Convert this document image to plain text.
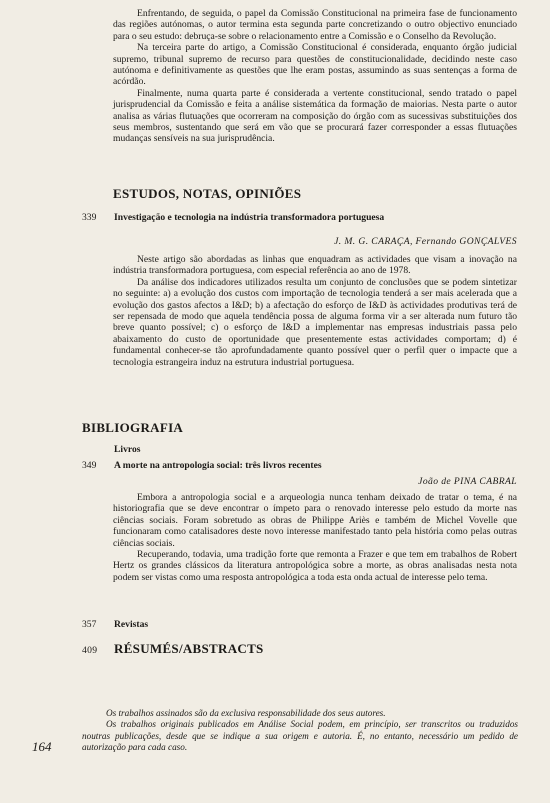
Enfrentando, de seguida, o papel da Comissão Constitucional na primeira fase de funcionamento das regiões autónomas, o autor termina esta segunda parte concretizando o outro objectivo enunciado para o seu estudo: debruça-se sobre o relacionamento entre a Comissão e o Conselho da Revolução.

Na terceira parte do artigo, a Comissão Constitucional é considerada, enquanto órgão judicial supremo, tribunal supremo de recurso para questões de constitucionalidade, decidindo neste caso autónoma e definitivamente as questões que lhe eram postas, assumindo as suas sentenças a forma de acórdão.

Finalmente, numa quarta parte é considerada a vertente constitucional, sendo tratado o papel jurisprudencial da Comissão e feita a análise sistemática da formação de maiorias. Nesta parte o autor analisa as várias flutuações que ocorreram na composição do órgão com as sucessivas substituições dos seus membros, sustentando que será em vão que se procurará fazer corresponder a essas flutuações mudanças sensíveis na sua jurisprudência.

ESTUDOS, NOTAS, OPINIÕES
339 Investigação e tecnologia na indústria transformadora portuguesa
J. M. G. CARAÇA, Fernando GONÇALVES

Neste artigo são abordadas as linhas que enquadram as actividades que visam a inovação na indústria transformadora portuguesa, com especial referência ao ano de 1978.

Da análise dos indicadores utilizados resulta um conjunto de conclusões que se podem sintetizar no seguinte: a) a evolução dos custos com importação de tecnologia tenderá a ser mais acelerada que a evolução dos gastos afectos a I&D; b) a afectação do esforço de I&D às actividades produtivas terá de ser repensada de modo que aquela tendência possa de alguma forma vir a ser alterada num futuro tão breve quanto possível; c) o esforço de I&D a implementar nas empresas industriais passa pelo abaixamento do custo de oportunidade que presentemente estas actividades comportam; d) é fundamental conhecer-se tão aprofundadamente quanto possível quer o perfil quer o impacte que a tecnologia estrangeira induz na estrutura industrial portuguesa.

BIBLIOGRAFIA
Livros
349 A morte na antropologia social: três livros recentes
João de PINA CABRAL

Embora a antropologia social e a arqueologia nunca tenham deixado de tratar o tema, é na historiografia que se deve encontrar o ímpeto para o renovado interesse pelo estudo da morte nas ciências sociais. Foram sobretudo as obras de Philippe Ariès e também de Michel Vovelle que funcionaram como catalisadores deste novo interesse manifestado tanto pela história como pelas outras ciências sociais.

Recuperando, todavia, uma tradição forte que remonta a Frazer e que tem em trabalhos de Robert Hertz os grandes clássicos da literatura antropológica sobre a morte, as obras analisadas nesta nota podem ser vistas como uma resposta antropológica a toda esta onda actual de interesse pelo tema.

357 Revistas
409 RÉSUMÉS/ABSTRACTS

Os trabalhos assinados são da exclusiva responsabilidade dos seus autores.

Os trabalhos originais publicados em Análise Social podem, em princípio, ser transcritos ou traduzidos noutras publicações, desde que se indique a sua origem e autoria. É, no entanto, necessário um pedido de autorização para cada caso.

164
